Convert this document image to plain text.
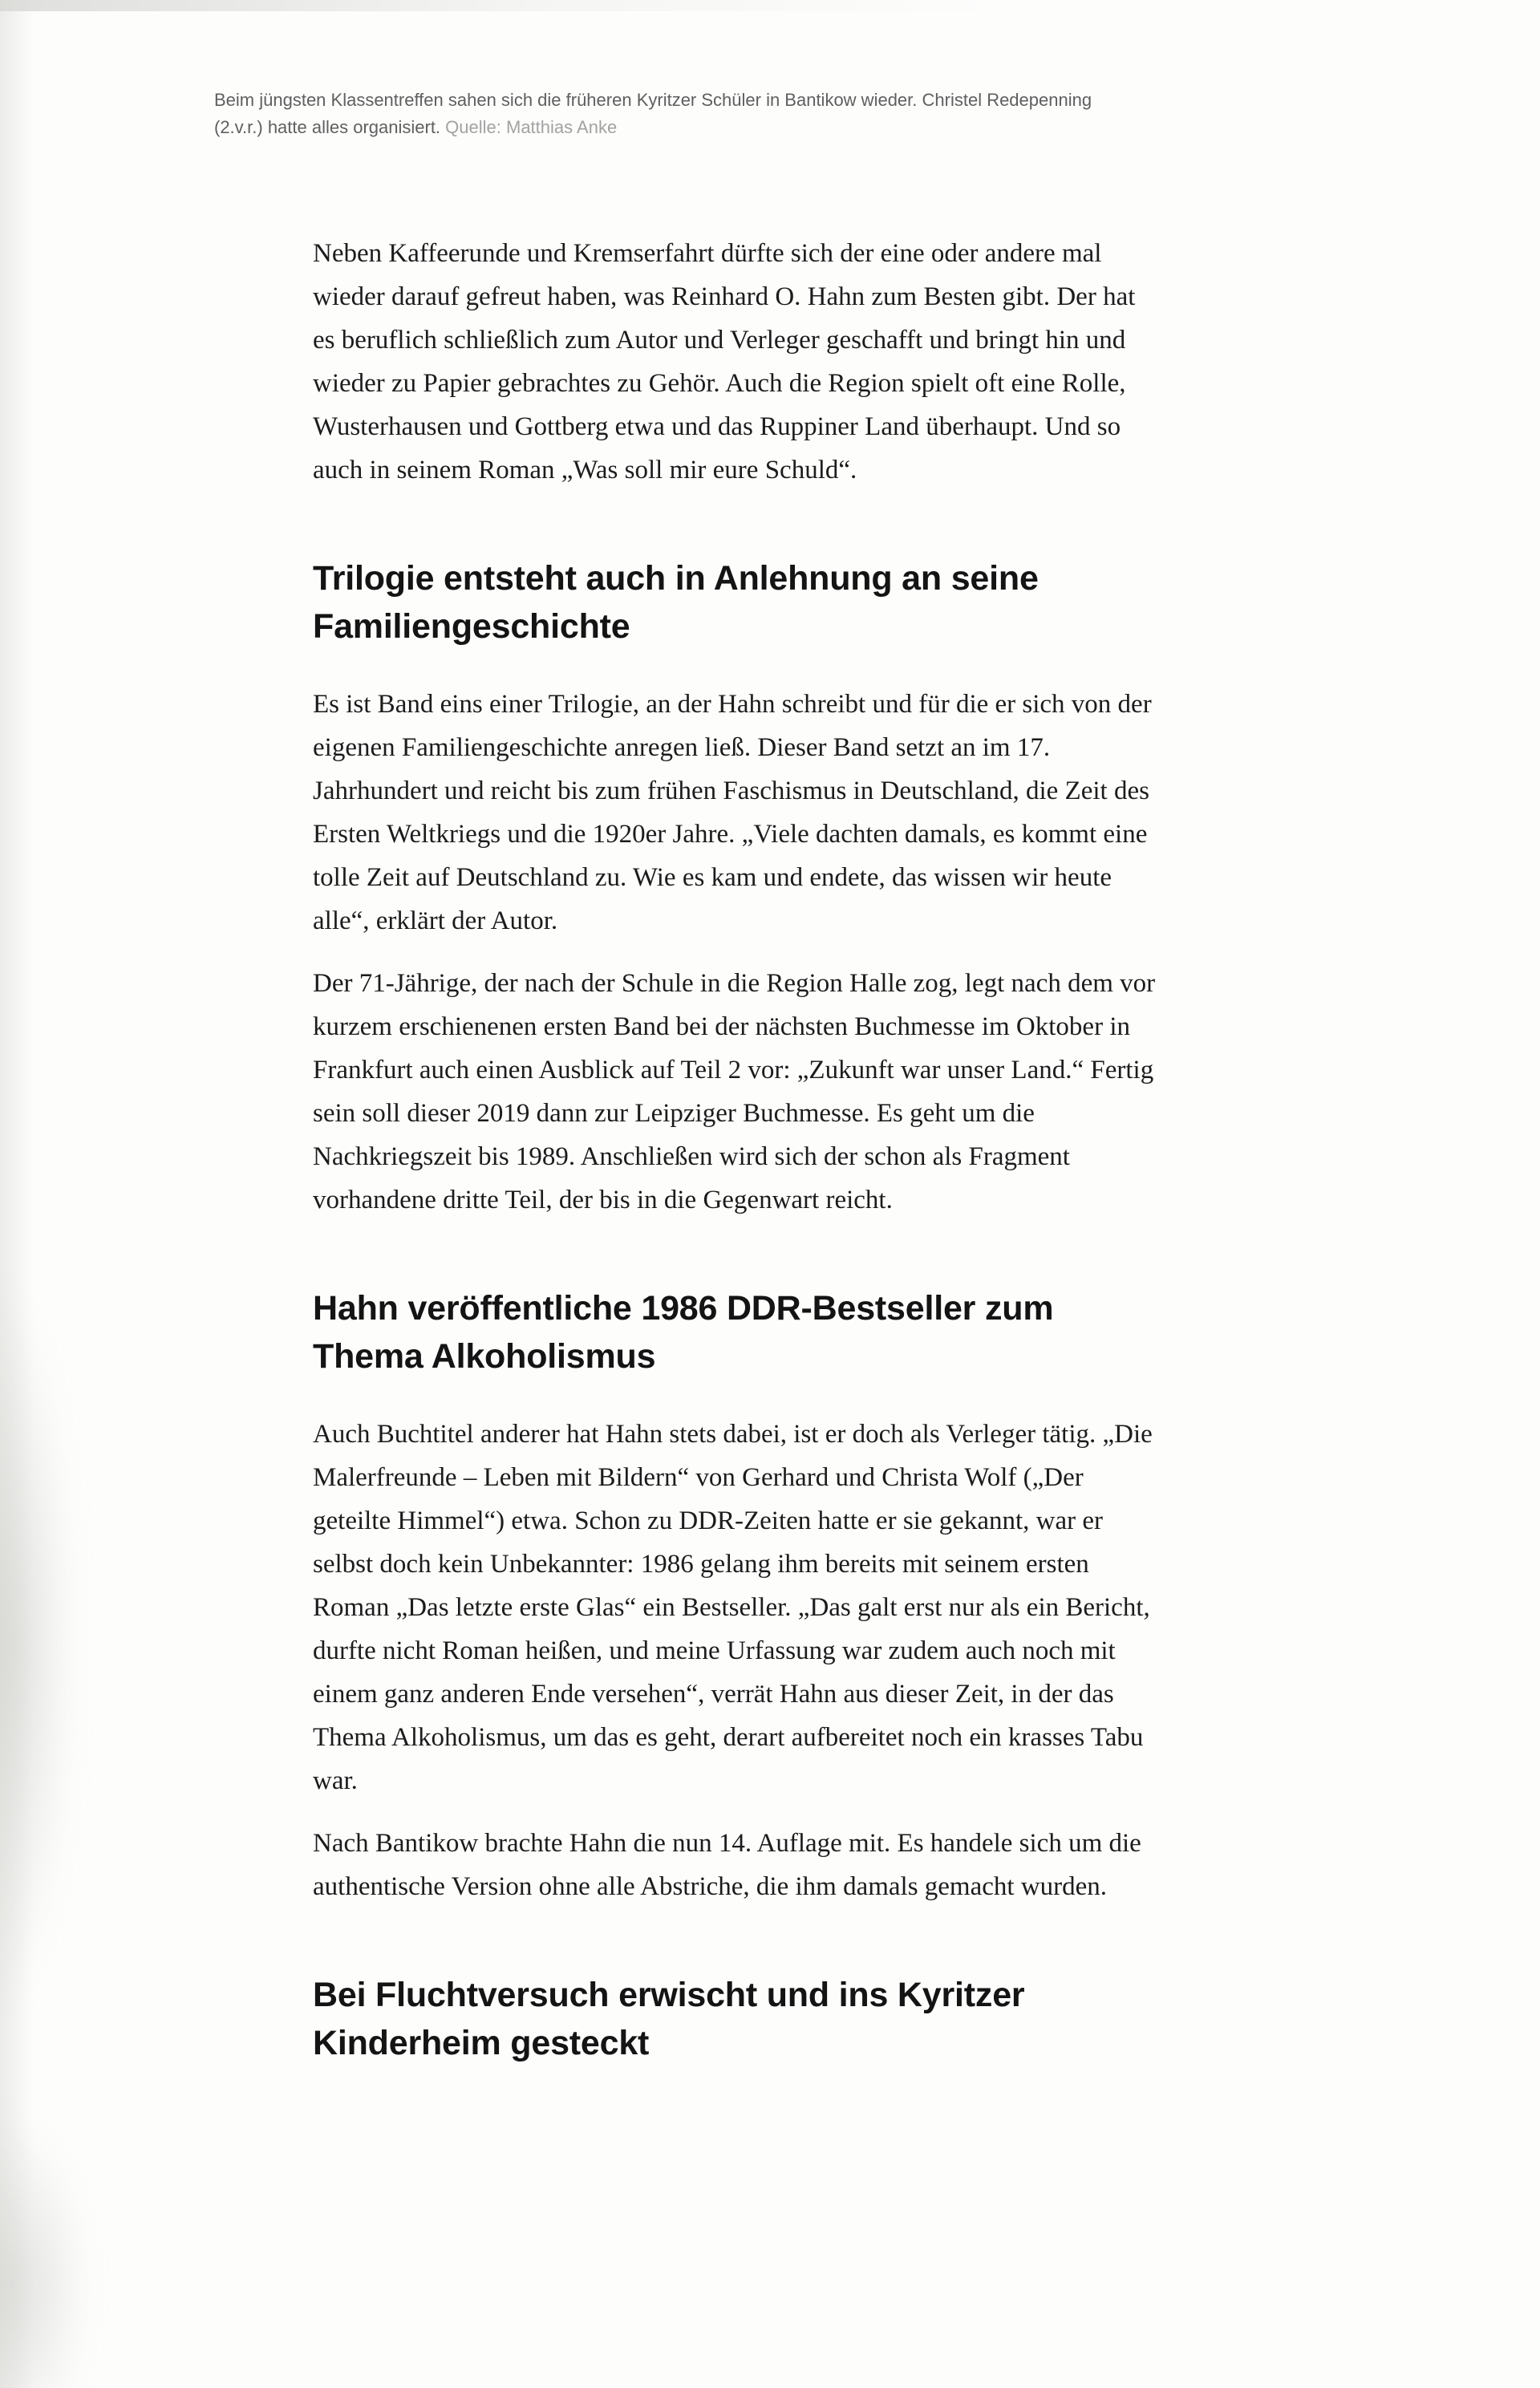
Beim jüngsten Klassentreffen sahen sich die früheren Kyritzer Schüler in Bantikow wieder. Christel Redepenning (2.v.r.) hatte alles organisiert. Quelle: Matthias Anke

Neben Kaffeerunde und Kremserfahrt dürfte sich der eine oder andere mal wieder darauf gefreut haben, was Reinhard O. Hahn zum Besten gibt. Der hat es beruflich schließlich zum Autor und Verleger geschafft und bringt hin und wieder zu Papier gebrachtes zu Gehör. Auch die Region spielt oft eine Rolle, Wusterhausen und Gottberg etwa und das Ruppiner Land überhaupt. Und so auch in seinem Roman „Was soll mir eure Schuld“.

Trilogie entsteht auch in Anlehnung an seine Familiengeschichte

Es ist Band eins einer Trilogie, an der Hahn schreibt und für die er sich von der eigenen Familiengeschichte anregen ließ. Dieser Band setzt an im 17. Jahrhundert und reicht bis zum frühen Faschismus in Deutschland, die Zeit des Ersten Weltkriegs und die 1920er Jahre. „Viele dachten damals, es kommt eine tolle Zeit auf Deutschland zu. Wie es kam und endete, das wissen wir heute alle“, erklärt der Autor.

Der 71-Jährige, der nach der Schule in die Region Halle zog, legt nach dem vor kurzem erschienenen ersten Band bei der nächsten Buchmesse im Oktober in Frankfurt auch einen Ausblick auf Teil 2 vor: „Zukunft war unser Land.“ Fertig sein soll dieser 2019 dann zur Leipziger Buchmesse. Es geht um die Nachkriegszeit bis 1989. Anschließen wird sich der schon als Fragment vorhandene dritte Teil, der bis in die Gegenwart reicht.

Hahn veröffentliche 1986 DDR-Bestseller zum Thema Alkoholismus

Auch Buchtitel anderer hat Hahn stets dabei, ist er doch als Verleger tätig. „Die Malerfreunde – Leben mit Bildern“ von Gerhard und Christa Wolf („Der geteilte Himmel“) etwa. Schon zu DDR-Zeiten hatte er sie gekannt, war er selbst doch kein Unbekannter: 1986 gelang ihm bereits mit seinem ersten Roman „Das letzte erste Glas“ ein Bestseller. „Das galt erst nur als ein Bericht, durfte nicht Roman heißen, und meine Urfassung war zudem auch noch mit einem ganz anderen Ende versehen“, verrät Hahn aus dieser Zeit, in der das Thema Alkoholismus, um das es geht, derart aufbereitet noch ein krasses Tabu war.

Nach Bantikow brachte Hahn die nun 14. Auflage mit. Es handele sich um die authentische Version ohne alle Abstriche, die ihm damals gemacht wurden.

Bei Fluchtversuch erwischt und ins Kyritzer Kinderheim gesteckt
